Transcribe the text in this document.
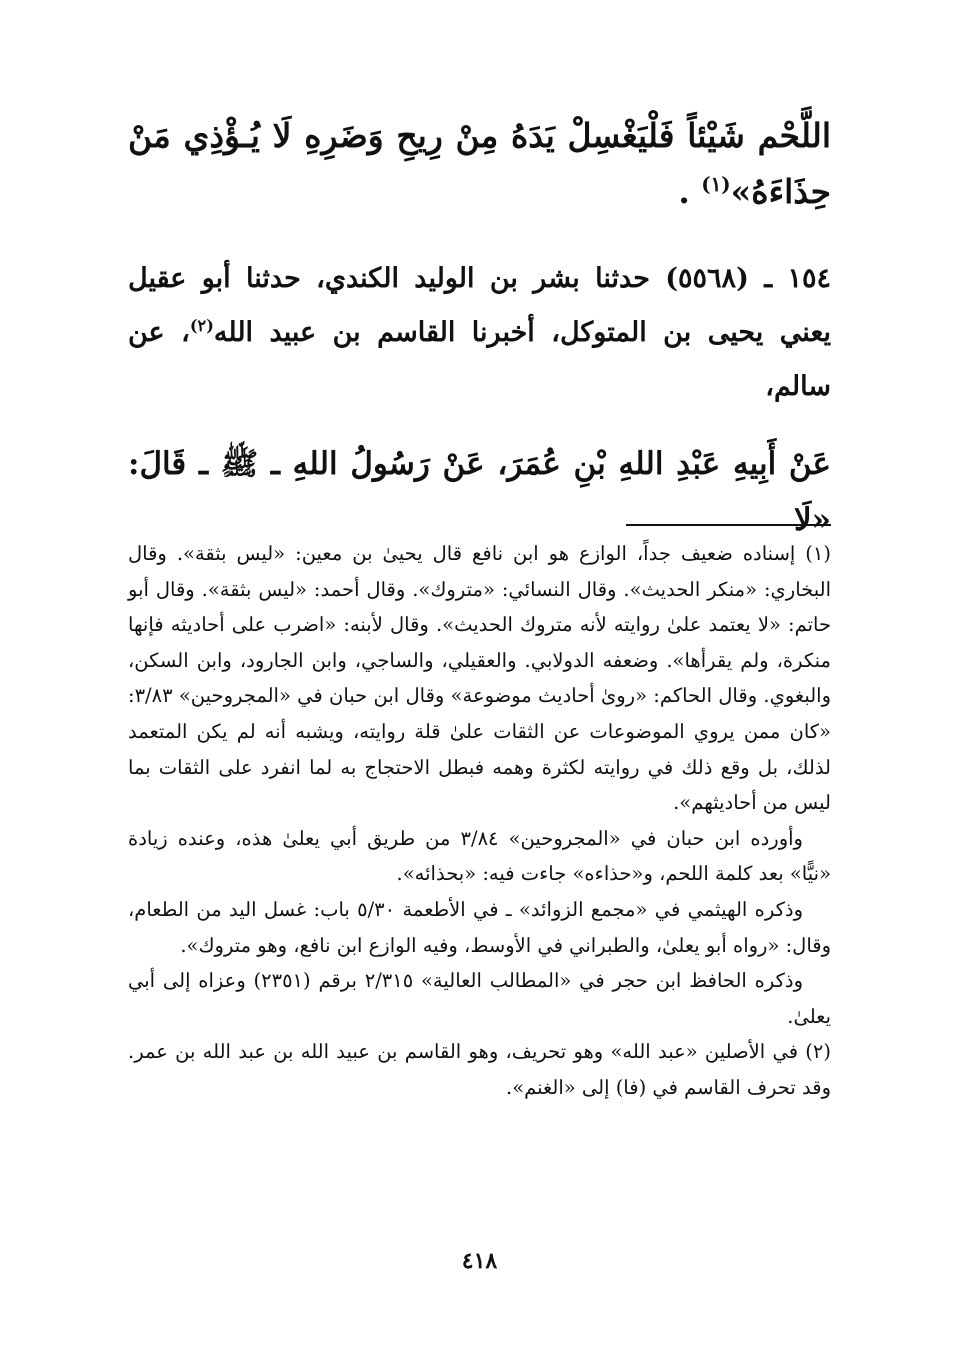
اللَّحْم شَيْئاً فَلْيَغْسِلْ يَدَهُ مِنْ رِيحِ وَضَرِهِ لَا يُـؤْذِي مَنْ حِذَاءَهُ»$^{(١)}$ .
١٥٤ ـ (٥٥٦٨) حدثنا بشر بن الوليد الكندي، حدثنا أبو عقيل يعني يحيى بن المتوكل، أخبرنا القاسم بن عبيد الله$^{(٢)}$، عن سالم،
عَنْ أَبِيهِ عَبْدِ اللهِ بْنِ عُمَرَ، عَنْ رَسُولُ اللهِ ـ ﷺ ـ قَالَ: «لَا

(١) إسناده ضعيف جداً، الوازع هو ابن نافع قال يحيىٰ بن معين: «ليس بثقة». وقال البخاري: «منكر الحديث». وقال النسائي: «متروك». وقال أحمد: «ليس بثقة». وقال أبو حاتم: «لا يعتمد علىٰ روايته لأنه متروك الحديث». وقال لأبنه: «اضرب على أحاديثه فإنها منكرة، ولم يقرأها». وضعفه الدولابي. والعقيلي، والساجي، وابن الجارود، وابن السكن، والبغوي. وقال الحاكم: «روىٰ أحاديث موضوعة» وقال ابن حبان في «المجروحين» ٣/٨٣: «كان ممن يروي الموضوعات عن الثقات علىٰ قلة روايته، ويشبه أنه لم يكن المتعمد لذلك، بل وقع ذلك في روايته لكثرة وهمه فبطل الاحتجاج به لما انفرد على الثقات بما ليس من أحاديثهم».

وأورده ابن حبان في «المجروحين» ٣/٨٤ من طريق أبي يعلىٰ هذه، وعنده زيادة «نيًّا» بعد كلمة اللحم، و«حذاءه» جاءت فيه: «بحذائه».

وذكره الهيثمي في «مجمع الزوائد» ـ في الأطعمة ٥/٣٠ باب: غسل اليد من الطعام، وقال: «رواه أبو يعلىٰ، والطبراني في الأوسط، وفيه الوازع ابن نافع، وهو متروك».

وذكره الحافظ ابن حجر في «المطالب العالية» ٢/٣١٥ برقم (٢٣٥١) وعزاه إلى أبي يعلىٰ.

(٢) في الأصلين «عبد الله» وهو تحريف، وهو القاسم بن عبيد الله بن عبد الله بن عمر. وقد تحرف القاسم في (فا) إلى «الغنم».

٤١٨
